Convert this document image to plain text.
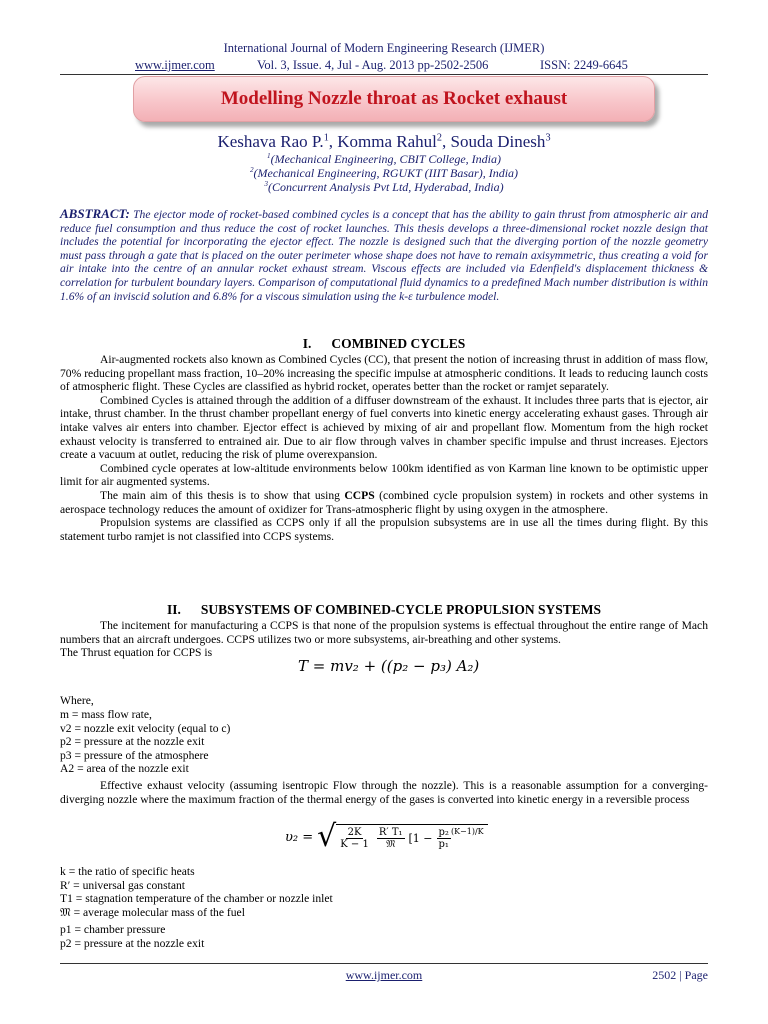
International Journal of Modern Engineering Research (IJMER)
www.ijmer.com	Vol. 3, Issue. 4, Jul - Aug. 2013 pp-2502-2506	ISSN: 2249-6645
Modelling Nozzle throat as Rocket exhaust
Keshava Rao P.$^1$, Komma Rahul$^2$, Souda Dinesh$^3$
$^1$(Mechanical Engineering, CBIT College, India)
$^2$(Mechanical Engineering, RGUKT (IIIT Basar), India)
$^3$(Concurrent Analysis Pvt Ltd, Hyderabad, India)
ABSTRACT: The ejector mode of rocket-based combined cycles is a concept that has the ability to gain thrust from atmospheric air and reduce fuel consumption and thus reduce the cost of rocket launches. This thesis develops a three-dimensional rocket nozzle design that includes the potential for incorporating the ejector effect. The nozzle is designed such that the diverging portion of the nozzle geometry must pass through a gate that is placed on the outer perimeter whose shape does not have to remain axisymmetric, thus creating a void for air intake into the centre of an annular rocket exhaust stream. Viscous effects are included via Edenfield's displacement thickness & correlation for turbulent boundary layers. Comparison of computational fluid dynamics to a predefined Mach number distribution is within 1.6% of an inviscid solution and 6.8% for a viscous simulation using the k-ε turbulence model.
I. COMBINED CYCLES

Air-augmented rockets also known as Combined Cycles (CC), that present the notion of increasing thrust in addition of mass flow, 70% reducing propellant mass fraction, 10–20% increasing the specific impulse at atmospheric conditions. It leads to reducing launch costs of atmospheric flight. These Cycles are classified as hybrid rocket, operates better than the rocket or ramjet separately.

Combined Cycles is attained through the addition of a diffuser downstream of the exhaust. It includes three parts that is ejector, air intake, thrust chamber. In the thrust chamber propellant energy of fuel converts into kinetic energy accelerating exhaust gases. Through air intake valves air enters into chamber. Ejector effect is achieved by mixing of air and propellant flow. Momentum from the high rocket exhaust velocity is transferred to entrained air. Due to air flow through valves in chamber specific impulse and thrust increases. Ejectors create a vacuum at outlet, reducing the risk of plume overexpansion.

Combined cycle operates at low-altitude environments below 100km identified as von Karman line known to be optimistic upper limit for air augmented systems.

The main aim of this thesis is to show that using CCPS (combined cycle propulsion system) in rockets and other systems in aerospace technology reduces the amount of oxidizer for Trans-atmospheric flight by using oxygen in the atmosphere.

Propulsion systems are classified as CCPS only if all the propulsion subsystems are in use all the times during flight. By this statement turbo ramjet is not classified into CCPS systems.

II. SUBSYSTEMS OF COMBINED-CYCLE PROPULSION SYSTEMS

The incitement for manufacturing a CCPS is that none of the propulsion systems is effectual throughout the entire range of Mach numbers that an aircraft undergoes. CCPS utilizes two or more subsystems, air-breathing and other systems.

The Thrust equation for CCPS is

T = mv₂ + ((p₂ − p₃) A₂)
Where,
m = mass flow rate,
v2 = nozzle exit velocity (equal to c)
p2 = pressure at the nozzle exit
p3 = pressure of the atmosphere
A2 = area of the nozzle exit

Effective exhaust velocity (assuming isentropic Flow through the nozzle). This is a reasonable assumption for a converging-diverging nozzle where the maximum fraction of the thermal energy of the gases is converted into kinetic energy in a reversible process

υ₂ = √ $\frac{2K}{K - 1} \frac{\text{R′ T₁}}{\text{𝔐}} [1 - \frac{\text{p₂}}{\text{p₁}} (K-1)/K$
k = the ratio of specific heats
R′ = universal gas constant
T1 = stagnation temperature of the chamber or nozzle inlet
𝔐 = average molecular mass of the fuel
p1 = chamber pressure
p2 = pressure at the nozzle exit
www.ijmer.com	2502 | Page
